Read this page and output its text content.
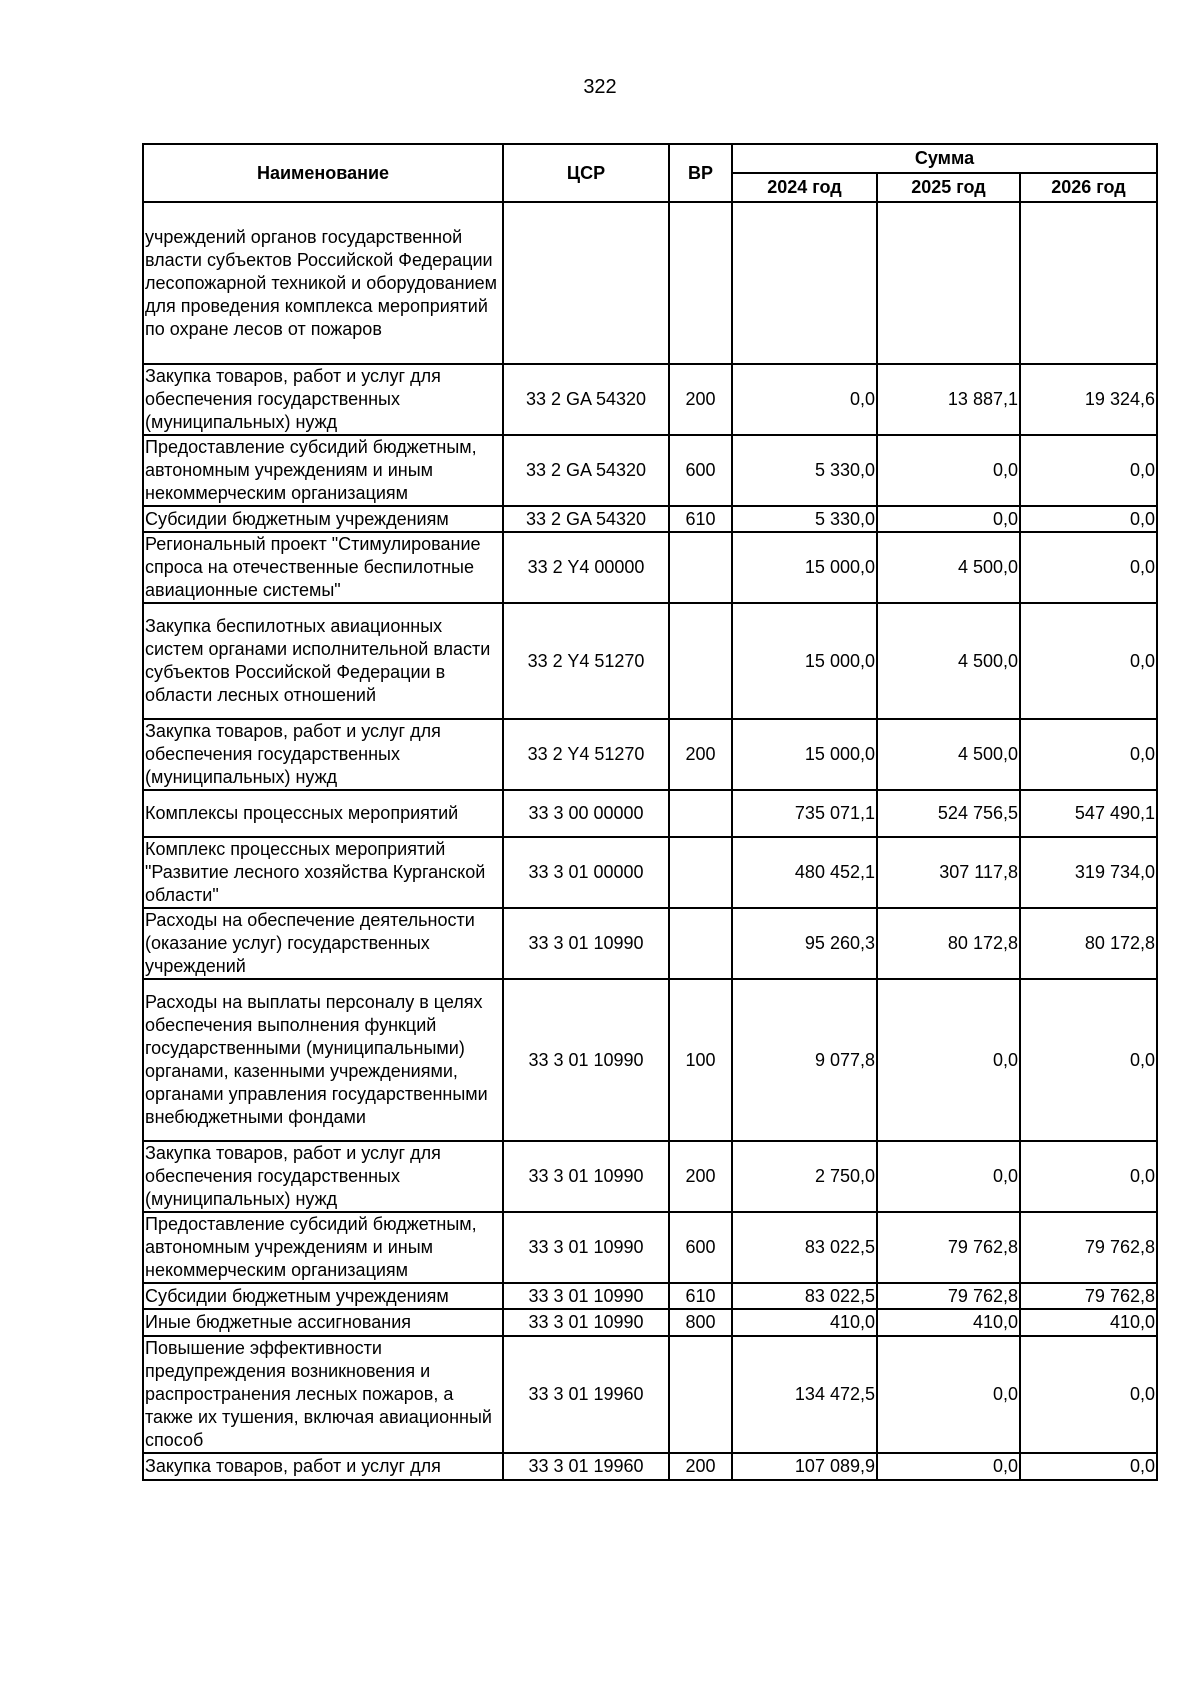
322
Наименование	ЦСР	ВР	Сумма		
			2024 год	2025 год	2026 год
учреждений органов государственной власти субъектов Российской Федерации лесопожарной техникой и оборудованием для проведения комплекса мероприятий по охране лесов от пожаров					
Закупка товаров, работ и услуг для обеспечения государственных (муниципальных) нужд	33 2 GA 54320	200	0,0	13 887,1	19 324,6
Предоставление субсидий бюджетным, автономным учреждениям и иным некоммерческим организациям	33 2 GA 54320	600	5 330,0	0,0	0,0
Субсидии бюджетным учреждениям	33 2 GA 54320	610	5 330,0	0,0	0,0
Региональный проект "Стимулирование спроса на отечественные беспилотные авиационные системы"	33 2 Y4 00000		15 000,0	4 500,0	0,0
Закупка беспилотных авиационных систем органами исполнительной власти субъектов Российской Федерации в области лесных отношений	33 2 Y4 51270		15 000,0	4 500,0	0,0
Закупка товаров, работ и услуг для обеспечения государственных (муниципальных) нужд	33 2 Y4 51270	200	15 000,0	4 500,0	0,0
Комплексы процессных мероприятий	33 3 00 00000		735 071,1	524 756,5	547 490,1
Комплекс процессных мероприятий "Развитие лесного хозяйства Курганской области"	33 3 01 00000		480 452,1	307 117,8	319 734,0
Расходы на обеспечение деятельности (оказание услуг) государственных учреждений	33 3 01 10990		95 260,3	80 172,8	80 172,8
Расходы на выплаты персоналу в целях обеспечения выполнения функций государственными (муниципальными) органами, казенными учреждениями, органами управления государственными внебюджетными фондами	33 3 01 10990	100	9 077,8	0,0	0,0
Закупка товаров, работ и услуг для обеспечения государственных (муниципальных) нужд	33 3 01 10990	200	2 750,0	0,0	0,0
Предоставление субсидий бюджетным, автономным учреждениям и иным некоммерческим организациям	33 3 01 10990	600	83 022,5	79 762,8	79 762,8
Субсидии бюджетным учреждениям	33 3 01 10990	610	83 022,5	79 762,8	79 762,8
Иные бюджетные ассигнования	33 3 01 10990	800	410,0	410,0	410,0
Повышение эффективности предупреждения возникновения и распространения лесных пожаров, а также их тушения, включая авиационный способ	33 3 01 19960		134 472,5	0,0	0,0
Закупка товаров, работ и услуг для	33 3 01 19960	200	107 089,9	0,0	0,0
